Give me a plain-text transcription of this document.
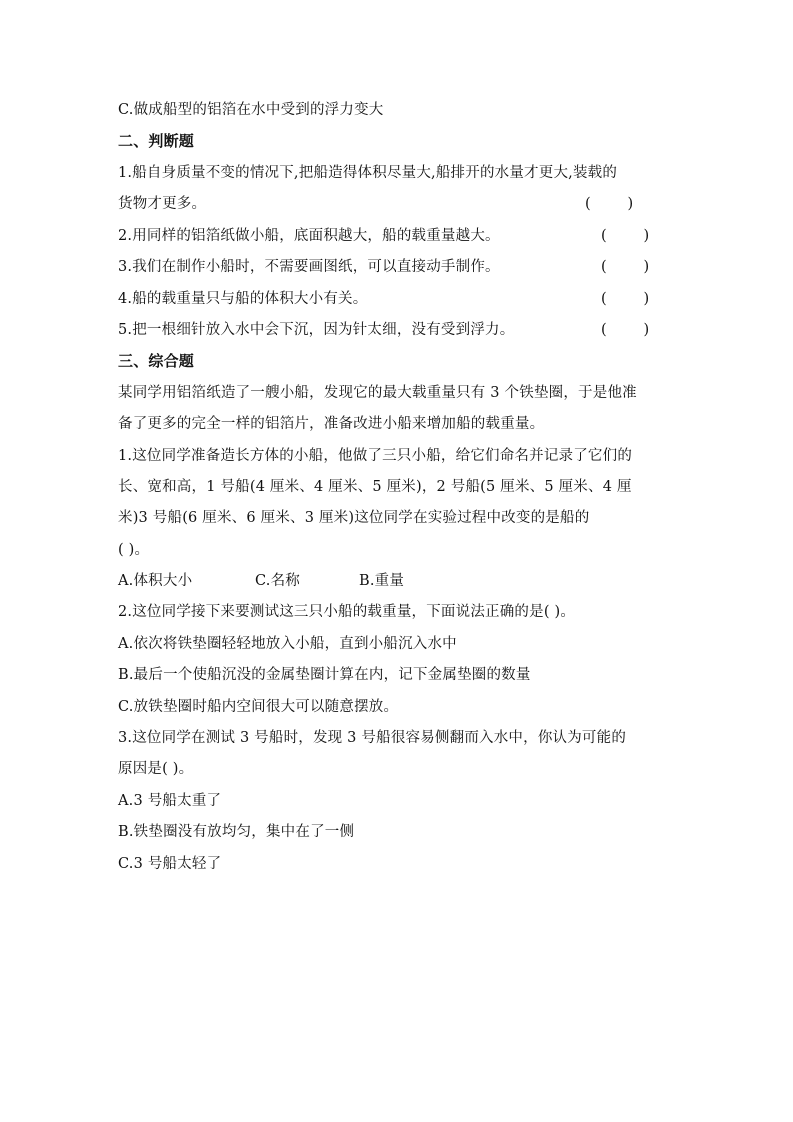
C.做成船型的铝箔在水中受到的浮力变大
二、判断题
1.船自身质量不变的情况下,把船造得体积尽量大,船排开的水量才更大,装载的
货物才更多。	(        )
2.用同样的铝箔纸做小船，底面积越大，船的载重量越大。	(        )
3.我们在制作小船时，不需要画图纸，可以直接动手制作。	(        )
4.船的载重量只与船的体积大小有关。	(        )
5.把一根细针放入水中会下沉，因为针太细，没有受到浮力。	(        )
三、综合题
某同学用铝箔纸造了一艘小船，发现它的最大载重量只有 3 个铁垫圈，于是他准
备了更多的完全一样的铝箔片，准备改进小船来增加船的载重量。
1.这位同学准备造长方体的小船，他做了三只小船，给它们命名并记录了它们的
长、宽和高，1 号船(4 厘米、4 厘米、5 厘米)，2 号船(5 厘米、5 厘米、4 厘
米)3 号船(6 厘米、6 厘米、3 厘米)这位同学在实验过程中改变的是船的
( )。
A.体积大小	C.名称	B.重量
2.这位同学接下来要测试这三只小船的载重量，下面说法正确的是( )。
A.依次将铁垫圈轻轻地放入小船，直到小船沉入水中
B.最后一个使船沉没的金属垫圈计算在内，记下金属垫圈的数量
C.放铁垫圈时船内空间很大可以随意摆放。
3.这位同学在测试 3 号船时，发现 3 号船很容易侧翻而入水中，你认为可能的
原因是( )。
A.3 号船太重了
B.铁垫圈没有放均匀，集中在了一侧
C.3 号船太轻了
